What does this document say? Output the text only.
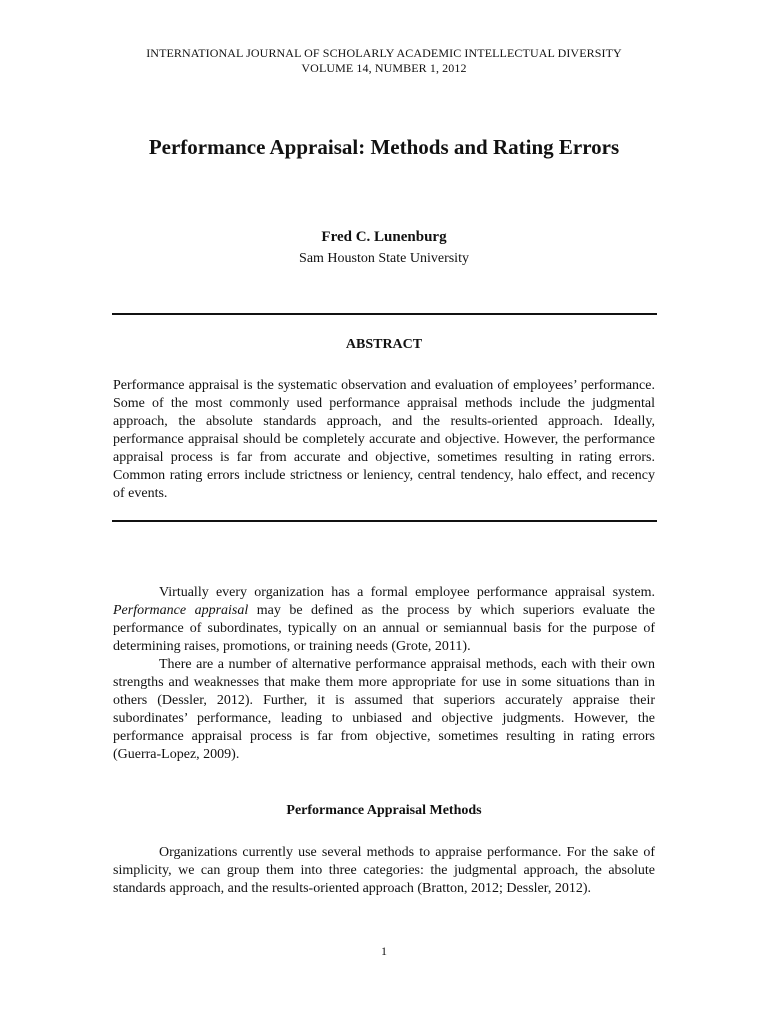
INTERNATIONAL JOURNAL OF SCHOLARLY ACADEMIC INTELLECTUAL DIVERSITY
VOLUME 14, NUMBER 1, 2012
Performance Appraisal: Methods and Rating Errors
Fred C. Lunenburg
Sam Houston State University
ABSTRACT

Performance appraisal is the systematic observation and evaluation of employees’ performance. Some of the most commonly used performance appraisal methods include the judgmental approach, the absolute standards approach, and the results-oriented approach. Ideally, performance appraisal should be completely accurate and objective. However, the performance appraisal process is far from accurate and objective, sometimes resulting in rating errors. Common rating errors include strictness or leniency, central tendency, halo effect, and recency of events.

Virtually every organization has a formal employee performance appraisal system. Performance appraisal may be defined as the process by which superiors evaluate the performance of subordinates, typically on an annual or semiannual basis for the purpose of determining raises, promotions, or training needs (Grote, 2011).

There are a number of alternative performance appraisal methods, each with their own strengths and weaknesses that make them more appropriate for use in some situations than in others (Dessler, 2012). Further, it is assumed that superiors accurately appraise their subordinates’ performance, leading to unbiased and objective judgments. However, the performance appraisal process is far from objective, sometimes resulting in rating errors (Guerra-Lopez, 2009).

Performance Appraisal Methods

Organizations currently use several methods to appraise performance. For the sake of simplicity, we can group them into three categories: the judgmental approach, the absolute standards approach, and the results-oriented approach (Bratton, 2012; Dessler, 2012).

1
